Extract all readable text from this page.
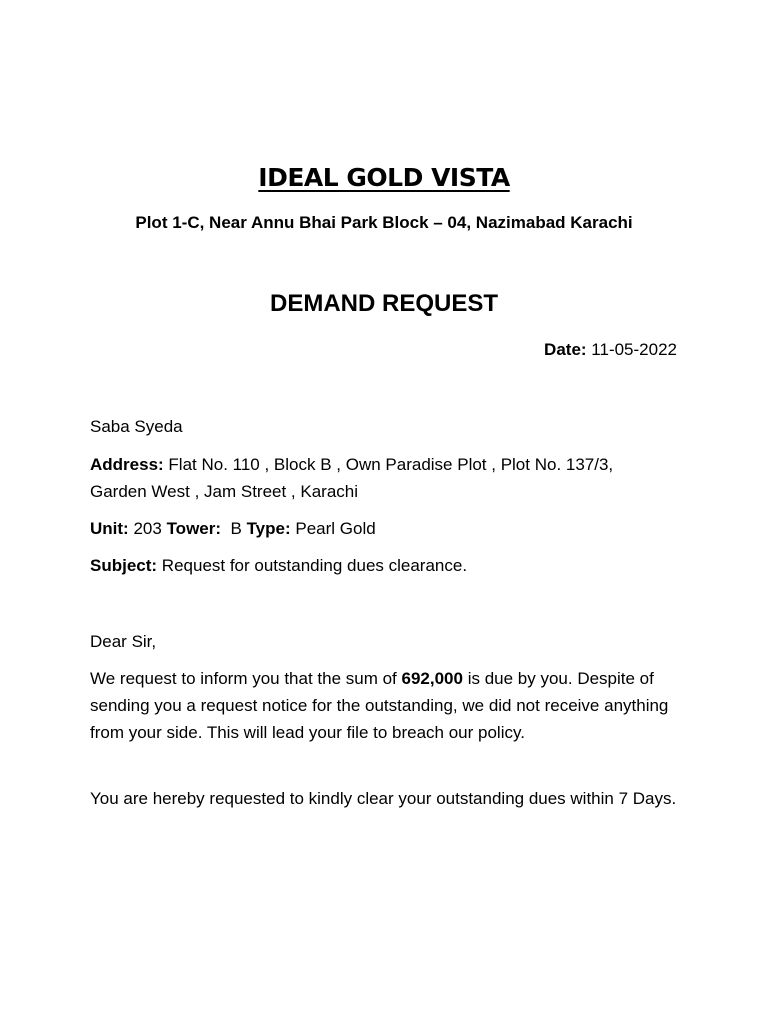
IDEAL GOLD VISTA
Plot 1-C, Near Annu Bhai Park Block – 04, Nazimabad Karachi
DEMAND REQUEST
Date: 11-05-2022
Saba Syeda
Address: Flat No. 110 , Block B , Own Paradise Plot , Plot No. 137/3, Garden West , Jam Street , Karachi
Unit: 203 Tower: B Type: Pearl Gold
Subject: Request for outstanding dues clearance.
Dear Sir,
We request to inform you that the sum of 692,000 is due by you. Despite of sending you a request notice for the outstanding, we did not receive anything from your side. This will lead your file to breach our policy.
You are hereby requested to kindly clear your outstanding dues within 7 Days.
